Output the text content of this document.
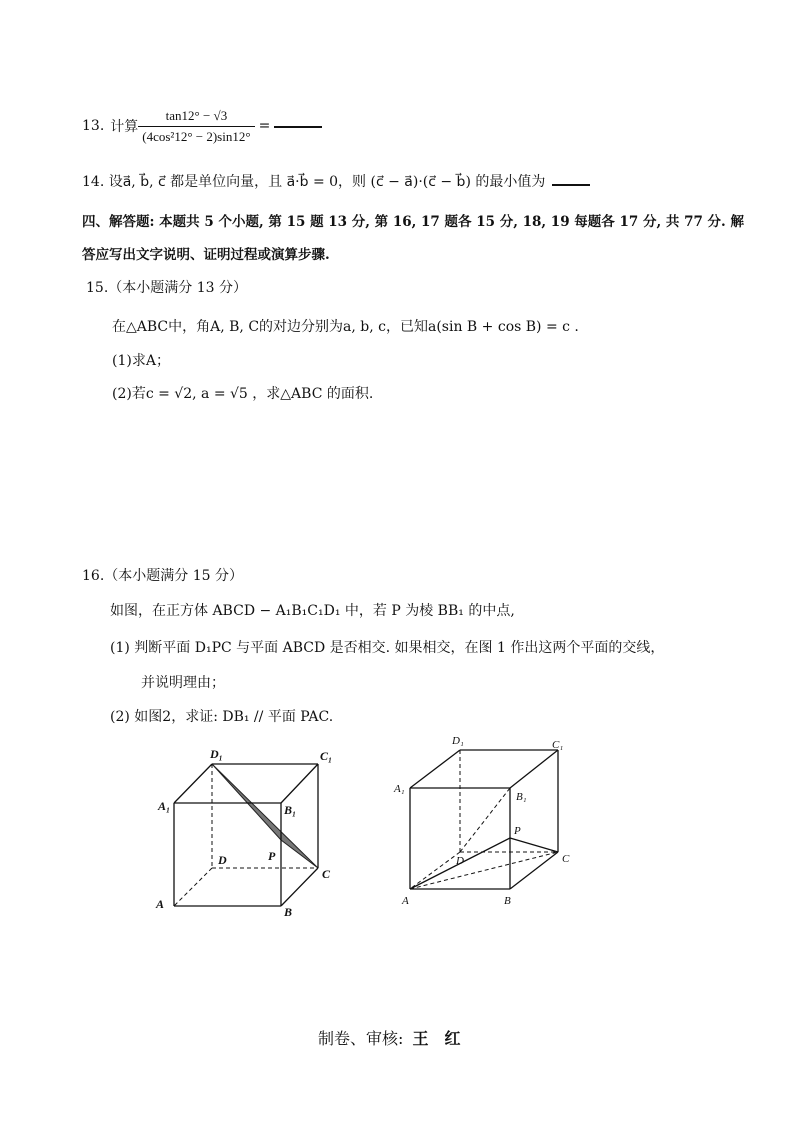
13. 计算 $\frac{\tan 12^\circ - √3}{\text{(4cos²12° − 2)sin12°}}$ =
14. 设a⃗, b⃗, c⃗ 都是单位向量，且 a⃗·b⃗ = 0，则 (c⃗ − a⃗)·(c⃗ − b⃗) 的最小值为
四、解答题: 本题共 5 个小题, 第 15 题 13 分, 第 16, 17 题各 15 分, 18, 19 每题各 17 分, 共 77 分. 解
答应写出文字说明、证明过程或演算步骤.
15.（本小题满分 13 分）
在△ABC中，角A, B, C的对边分别为a, b, c，已知a(sin B + cos B) = c .
(1)求A；
(2)若c = √2, a = √5 ，求△ABC 的面积.
16.（本小题满分 15 分）
如图，在正方体 ABCD − A₁B₁C₁D₁ 中，若 P 为棱 BB₁ 的中点,
(1) 判断平面 D₁PC 与平面 ABCD 是否相交. 如果相交，在图 1 作出这两个平面的交线，
并说明理由；
(2) 如图2，求证: DB₁ // 平面 PAC.
D₁	C₁
A₁	B₁
D	P
C
A
B
D₁	C₁
A₁
B₁
P
D	C
A	B
制卷、审核: 王　红
